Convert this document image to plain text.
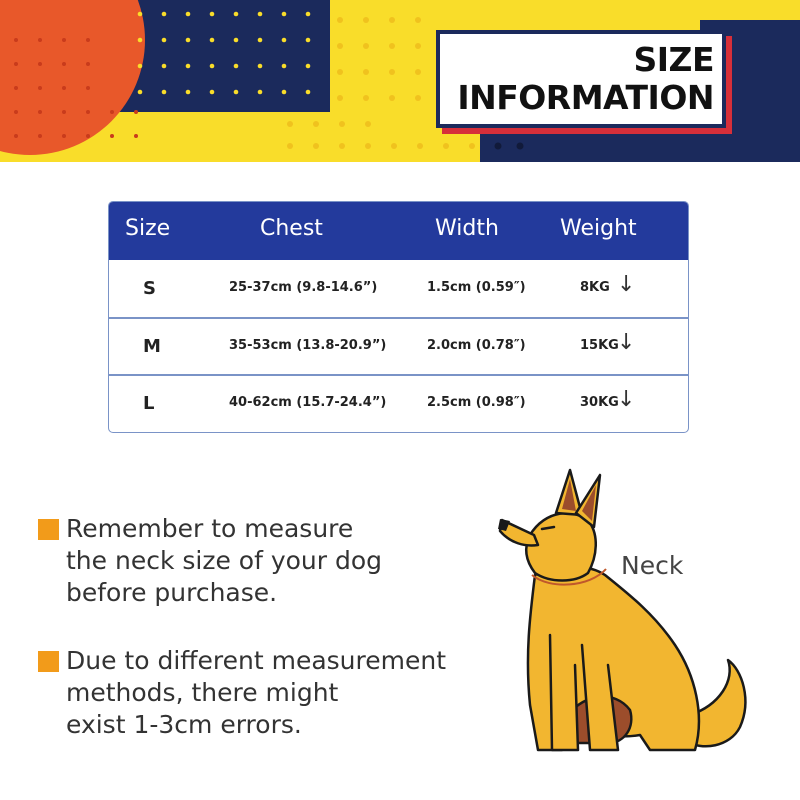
SIZE
INFORMATION
Size	Chest	Width	Weight
S	25-37cm (9.8-14.6”)	1.5cm (0.59″)	8KG ↓
M	35-53cm (13.8-20.9”)	2.0cm (0.78″)	15KG
↓
L	40-62cm (15.7-24.4”)	2.5cm (0.98″)	30KG
↓
Remember to measure
the neck size of your dog
before purchase.
Due to different measurement
methods, there might
exist 1-3cm errors.
Neck
